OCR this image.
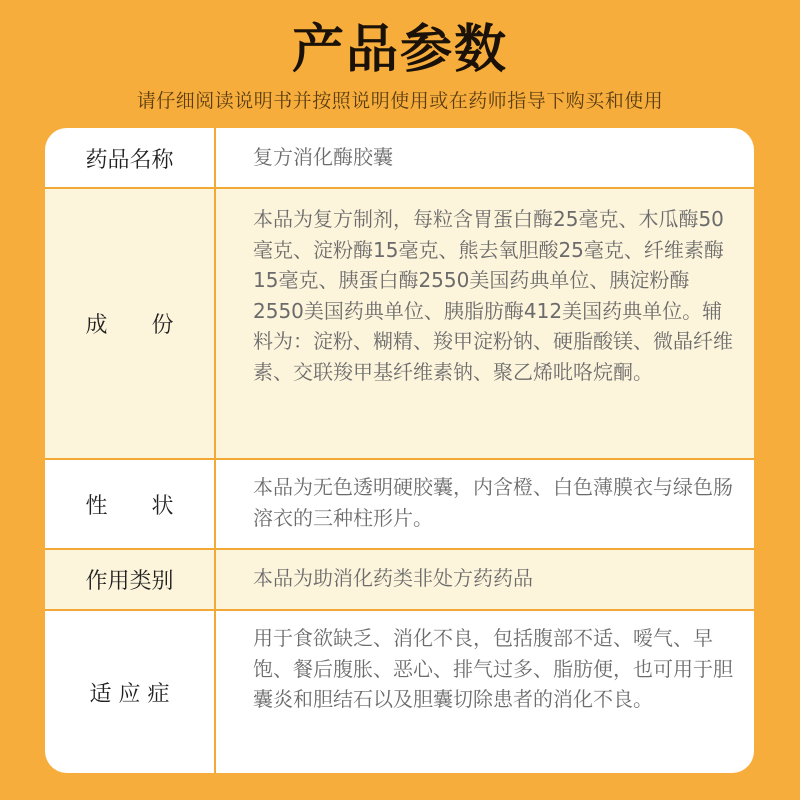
产品参数
请仔细阅读说明书并按照说明使用或在药师指导下购买和使用
药品名称	复方消化酶胶囊
成　　份
本品为复方制剂，每粒含胃蛋白酶25毫克、木瓜酶50毫克、淀粉酶15毫克、熊去氧胆酸25毫克、纤维素酶15毫克、胰蛋白酶2550美国药典单位、胰淀粉酶2550美国药典单位、胰脂肪酶412美国药典单位。辅料为：淀粉、糊精、羧甲淀粉钠、硬脂酸镁、微晶纤维素、交联羧甲基纤维素钠、聚乙烯吡咯烷酮。
性　　状
本品为无色透明硬胶囊，内含橙、白色薄膜衣与绿色肠溶衣的三种柱形片。
作用类别	本品为助消化药类非处方药药品
适 应 症
用于食欲缺乏、消化不良，包括腹部不适、嗳气、早饱、餐后腹胀、恶心、排气过多、脂肪便，也可用于胆囊炎和胆结石以及胆囊切除患者的消化不良。
